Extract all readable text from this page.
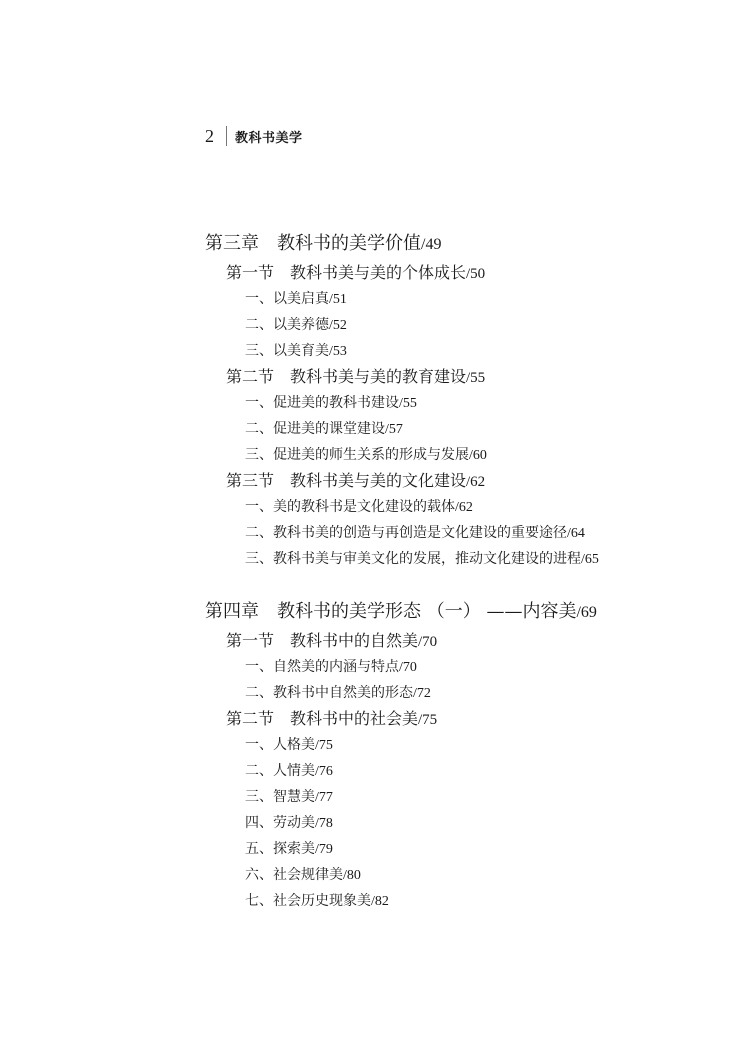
2 教科书美学
第三章　教科书的美学价值/49
第一节　教科书美与美的个体成长/50
一、以美启真/51
二、以美养德/52
三、以美育美/53
第二节　教科书美与美的教育建设/55
一、促进美的教科书建设/55
二、促进美的课堂建设/57
三、促进美的师生关系的形成与发展/60
第三节　教科书美与美的文化建设/62
一、美的教科书是文化建设的载体/62
二、教科书美的创造与再创造是文化建设的重要途径/64
三、教科书美与审美文化的发展，推动文化建设的进程/65
第四章　教科书的美学形态 （一） ——内容美/69
第一节　教科书中的自然美/70
一、自然美的内涵与特点/70
二、教科书中自然美的形态/72
第二节　教科书中的社会美/75
一、人格美/75
二、人情美/76
三、智慧美/77
四、劳动美/78
五、探索美/79
六、社会规律美/80
七、社会历史现象美/82
